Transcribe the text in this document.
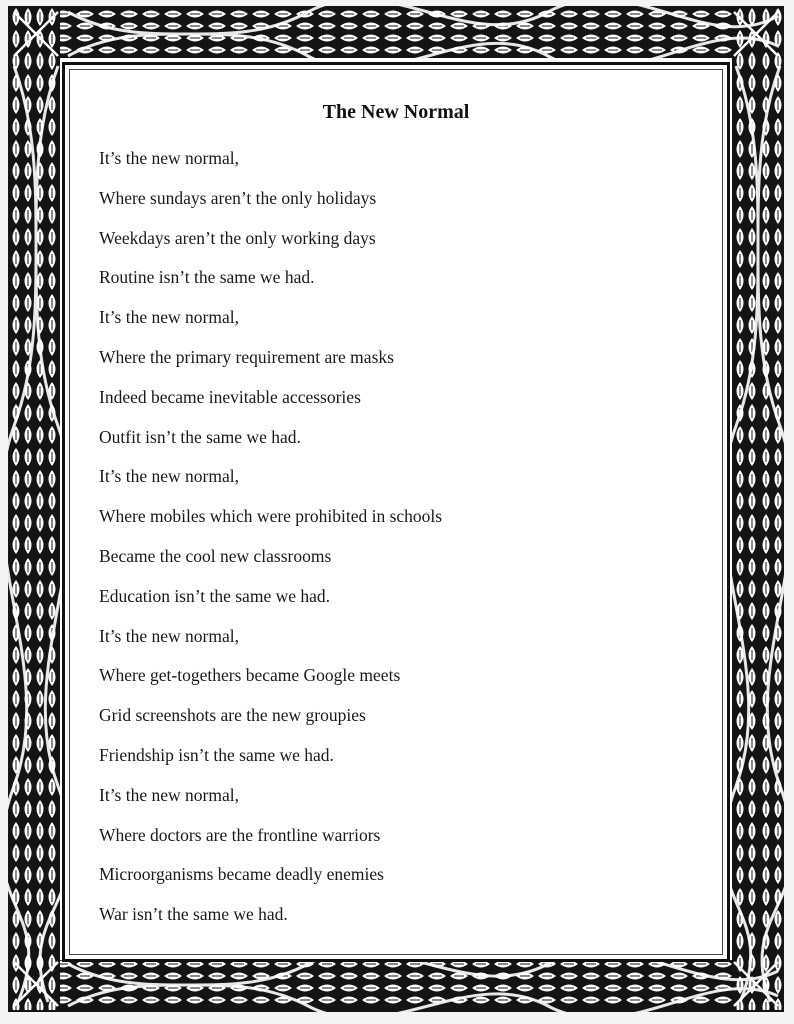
The New Normal
It’s the new normal,
Where sundays aren’t the only holidays
Weekdays aren’t the only working days
Routine isn’t the same we had.
It’s the new normal,
Where the primary requirement are masks
Indeed became inevitable accessories
Outfit isn’t the same we had.
It’s the new normal,
Where mobiles which were prohibited in schools
Became the cool new classrooms
Education isn’t the same we had.
It’s the new normal,
Where get-togethers became Google meets
Grid screenshots are the new groupies
Friendship isn’t the same we had.
It’s the new normal,
Where doctors are the frontline warriors
Microorganisms became deadly enemies
War isn’t the same we had.
